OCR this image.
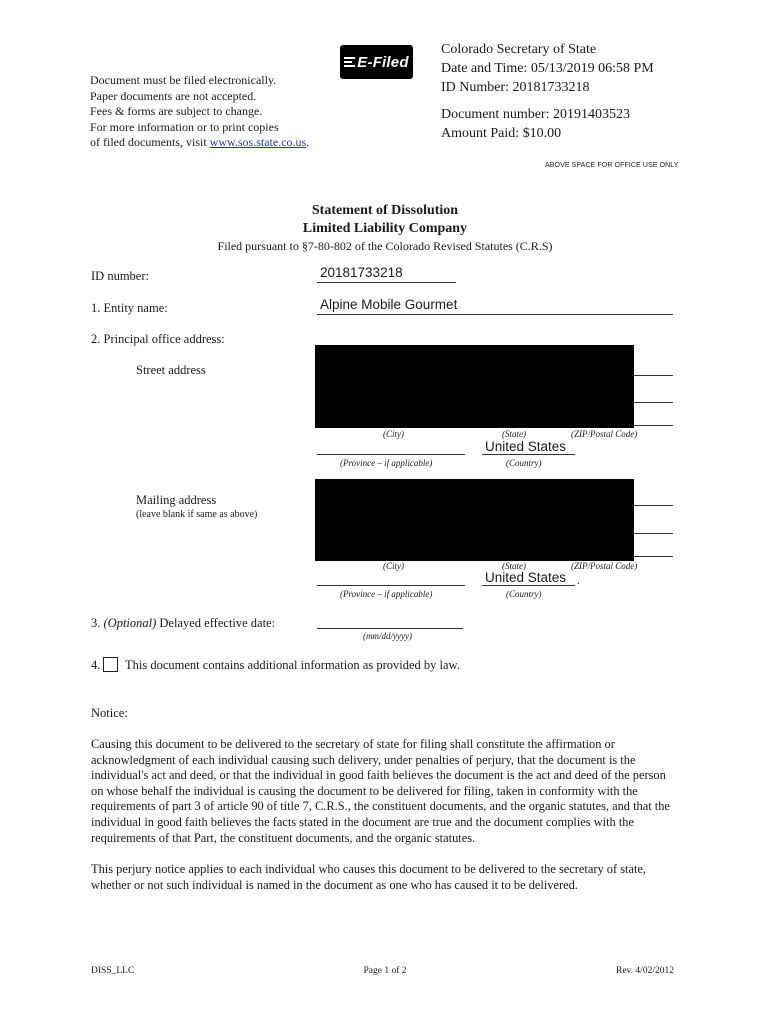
Document must be filed electronically.
Paper documents are not accepted.
Fees & forms are subject to change.
For more information or to print copies
of filed documents, visit www.sos.state.co.us.
E-Filed
Colorado Secretary of State
Date and Time: 05/13/2019 06:58 PM
ID Number: 20181733218
Document number: 20191403523
Amount Paid: $10.00
ABOVE SPACE FOR OFFICE USE ONLY
Statement of Dissolution
Limited Liability Company
Filed pursuant to §7-80-802 of the Colorado Revised Statutes (C.R.S)
ID number:	20181733218
1. Entity name:	Alpine Mobile Gourmet
2. Principal office address:
Street address
(City)	(State)	(ZIP/Postal Code)
United States
(Province – if applicable)	(Country)
Mailing address
(leave blank if same as above)
(City)	(State)	(ZIP/Postal Code)
United States .
(Province – if applicable)	(Country)
3. (Optional) Delayed effective date:
(mm/dd/yyyy)
4. This document contains additional information as provided by law.
Notice:
Causing this document to be delivered to the secretary of state for filing shall constitute the affirmation or acknowledgment of each individual causing such delivery, under penalties of perjury, that the document is the individual's act and deed, or that the individual in good faith believes the document is the act and deed of the person on whose behalf the individual is causing the document to be delivered for filing, taken in conformity with the requirements of part 3 of article 90 of title 7, C.R.S., the constituent documents, and the organic statutes, and that the individual in good faith believes the facts stated in the document are true and the document complies with the requirements of that Part, the constituent documents, and the organic statutes.
This perjury notice applies to each individual who causes this document to be delivered to the secretary of state, whether or not such individual is named in the document as one who has caused it to be delivered.
DISS_LLC	Page 1 of 2	Rev. 4/02/2012
